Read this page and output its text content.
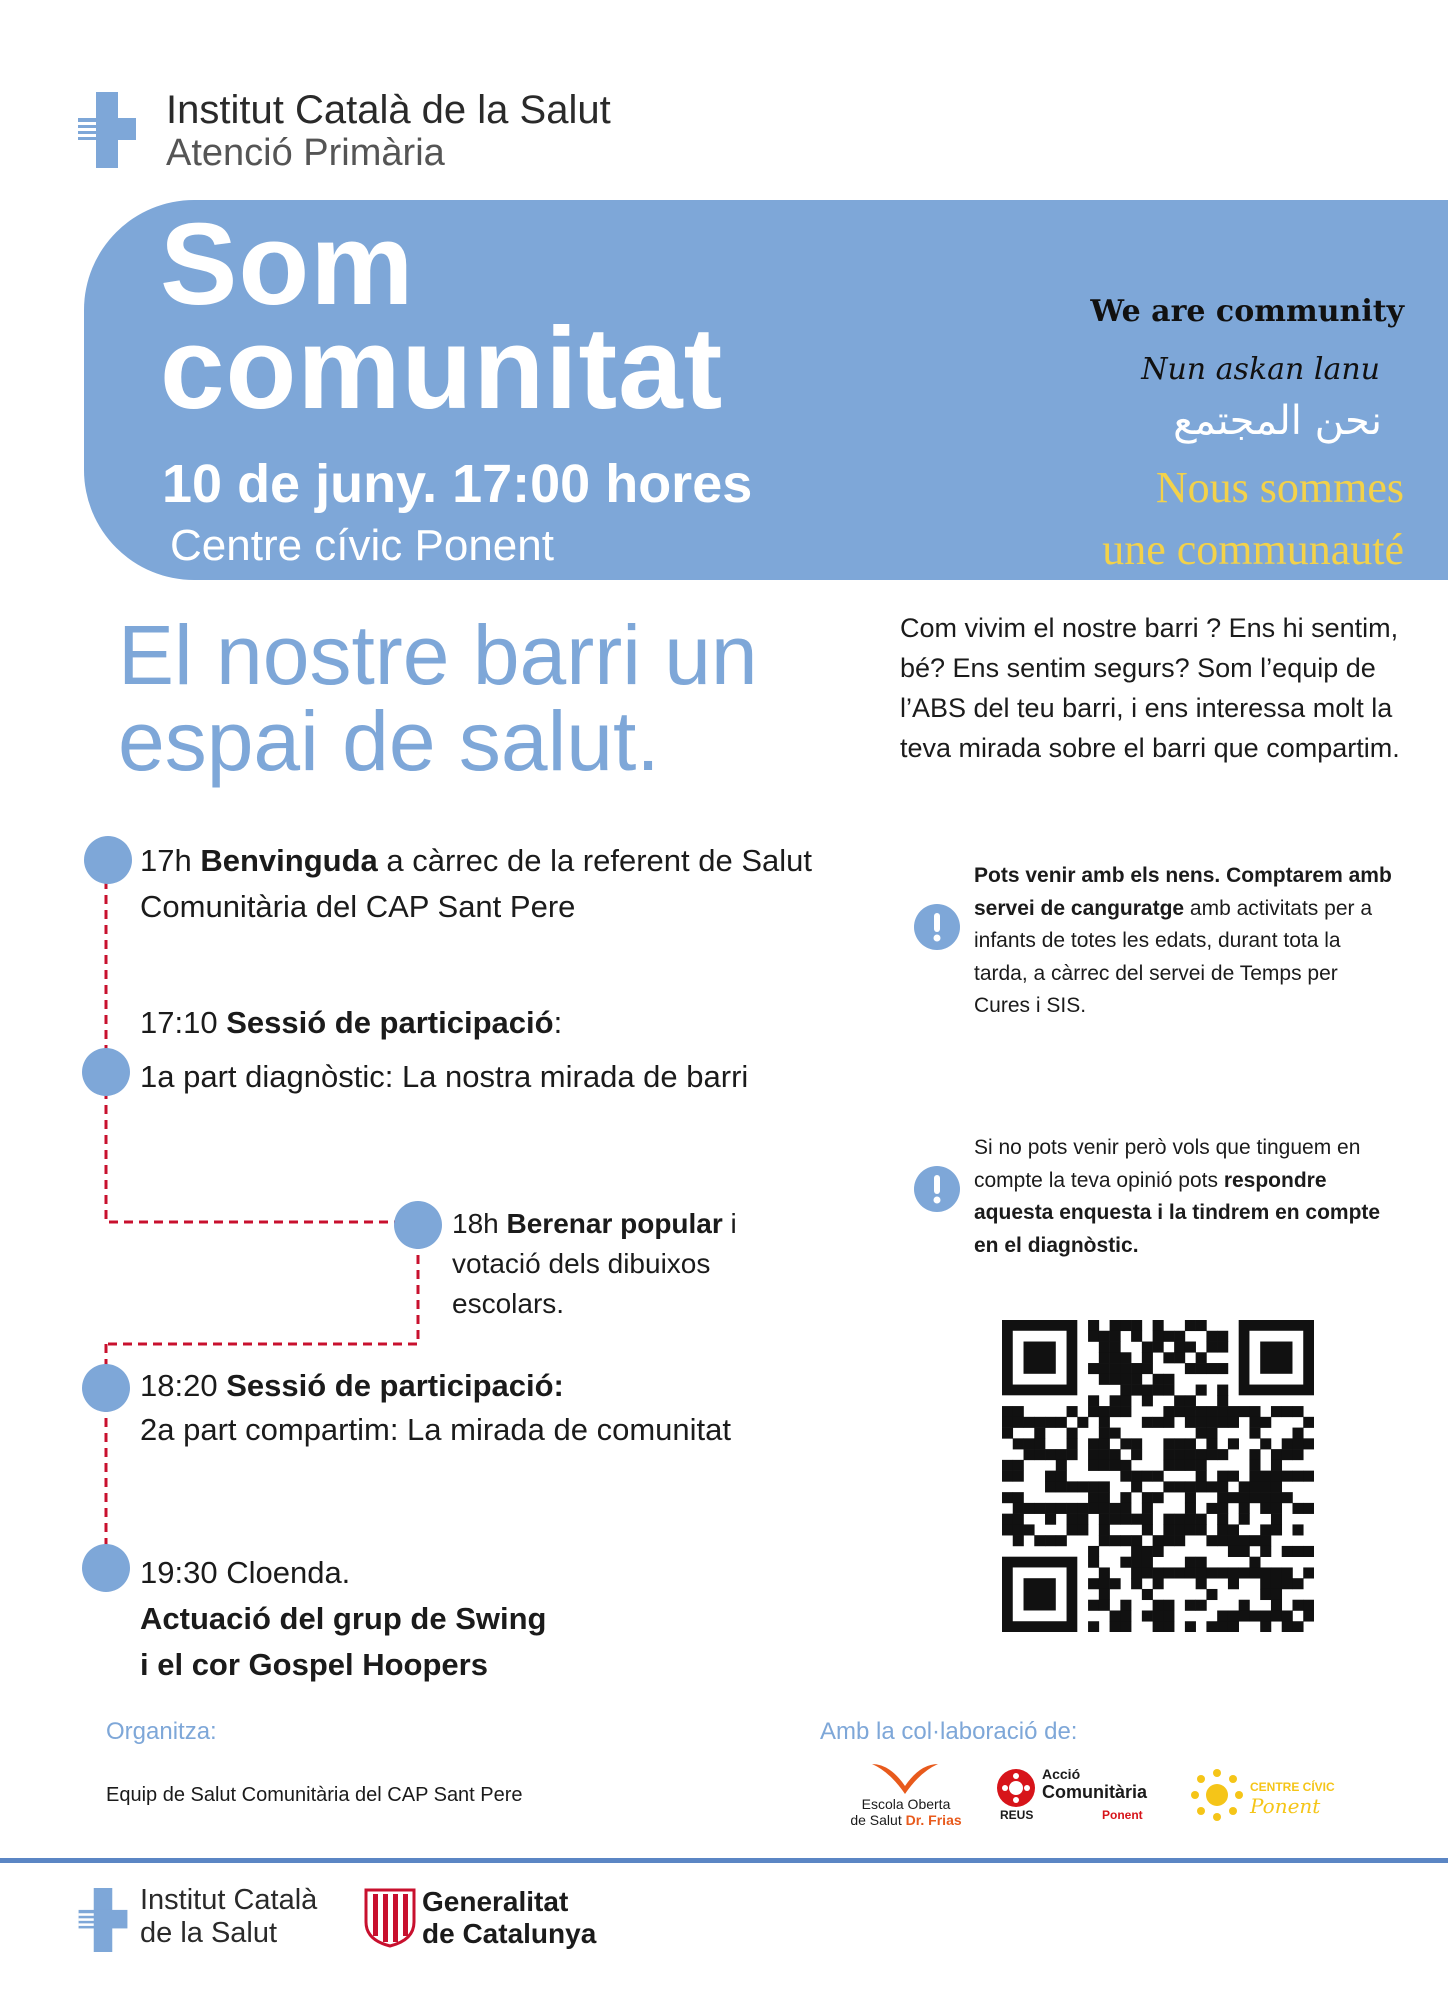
Institut Català de la Salut
Atenció Primària
Som
comunitat
10 de juny. 17:00 hores
Centre cívic Ponent
We are community
Nun askan lanu
نحن المجتمع
Nous sommes
une communauté
El nostre barri un
espai de salut.
Com vivim el nostre barri ? Ens hi sentim, bé? Ens sentim segurs? Som l’equip de l’ABS del teu barri, i ens interessa molt la teva mirada sobre el barri que compartim.
17h Benvinguda a càrrec de la referent de Salut Comunitària del CAP Sant Pere
17:10 Sessió de participació:
1a part diagnòstic: La nostra mirada de barri
18h Berenar popular i votació dels dibuixos escolars.
18:20 Sessió de participació:
2a part compartim: La mirada de comunitat
19:30 Cloenda.
Actuació del grup de Swing
i el cor Gospel Hoopers
Pots venir amb els nens. Comptarem amb servei de canguratge amb activitats per a infants de totes les edats, durant tota la tarda, a càrrec del servei de Temps per Cures i SIS.
Si no pots venir però vols que tinguem en compte la teva opinió pots respondre aquesta enquesta i la tindrem en compte en el diagnòstic.
Organitza:
Equip de Salut Comunitària del CAP Sant Pere
Amb la col·laboració de:
Escola Oberta
de Salut Dr. Frias
Acció
Comunitària
REUS	Ponent
CENTRE CÍVIC
Ponent
Institut Català
de la Salut
Generalitat
de Catalunya
